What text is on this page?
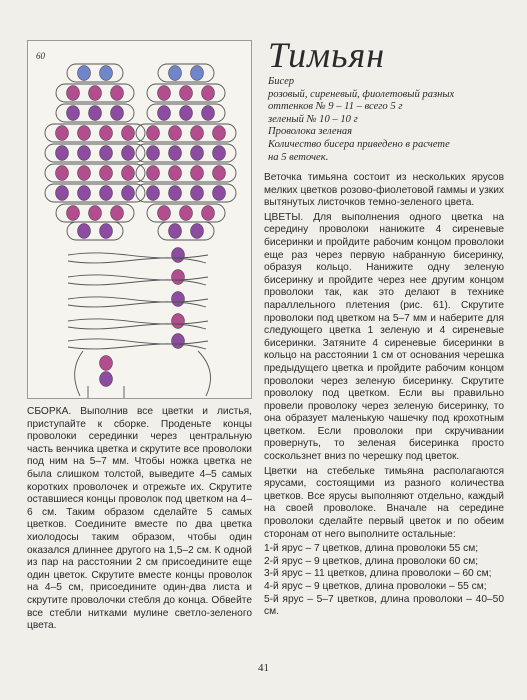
60	Тимьян
Бисер
розовый, сиреневый, фиолетовый разных
оттенков № 9 – 11 – всего 5 г
зеленый № 10 – 10 г
Проволока зеленая
Количество бисера приведено в расчете
на 5 веточек.

Веточка тимьяна состоит из нескольких ярусов мелких цветков розово-фиолетовой гаммы и узких вытянутых листочков темно-зеленого цвета.

ЦВЕТЫ. Для выполнения одного цветка на середину проволоки нанижите 4 сиреневые бисеринки и пройдите рабочим концом проволоки еще раз через первую набранную бисеринку, образуя кольцо. Нанижите одну зеленую бисеринку и пройдите через нее другим концом проволоки так, как это делают в технике параллельного плетения (рис. 61). Скрутите проволоки под цветком на 5–7 мм и наберите для следующего цветка 1 зеленую и 4 сиреневые бисеринки. Затяните 4 сиреневые бисеринки в кольцо на расстоянии 1 см от основания черешка предыдущего цветка и пройдите рабочим концом проволоки через зеленую бисеринку. Скрутите проволоку под цветком. Если вы правильно провели проволоку через зеленую бисеринку, то она образует маленькую чашечку под крохотным цветком. Если проволоки при скручивании провернуть, то зеленая бисеринка просто соскользнет вниз по черешку под цветок.

Цветки на стебельке тимьяна располагаются ярусами, состоящими из разного количества цветков. Все ярусы выполняют отдельно, каждый на своей проволоке. Вначале на середине проволоки сделайте первый цветок и по обеим сторонам от него выполните остальные:

1-й ярус – 7 цветков, длина проволоки 55 см;
2-й ярус – 9 цветков, длина проволоки 60 см;
3-й ярус – 11 цветков, длина проволоки – 60 см;
4-й ярус – 9 цветков, длина проволоки – 55 см;
5-й ярус – 5–7 цветков, длина проволоки – 40–50 см.

СБОРКА. Выполнив все цветки и листья, приступайте к сборке. Проденьте концы проволоки серединки через центральную часть венчика цветка и скрутите все проволоки под ним на 5–7 мм. Чтобы ножка цветка не была слишком толстой, выведите 4–5 самых коротких проволочек и отрежьте их. Скрутите оставшиеся концы проволок под цветком на 4–6 см. Таким образом сделайте 5 самых цветков. Соедините вместе по два цветка хиолодосы таким образом, чтобы один оказался длиннее другого на 1,5–2 см. К одной из пар на расстоянии 2 см присоедините еще один цветок. Скрутите вместе концы проволок на 4–5 см, присоедините один-два листа и скрутите проволочки стебля до конца. Обвейте все стебли нитками мулине светло-зеленого цвета.

41
